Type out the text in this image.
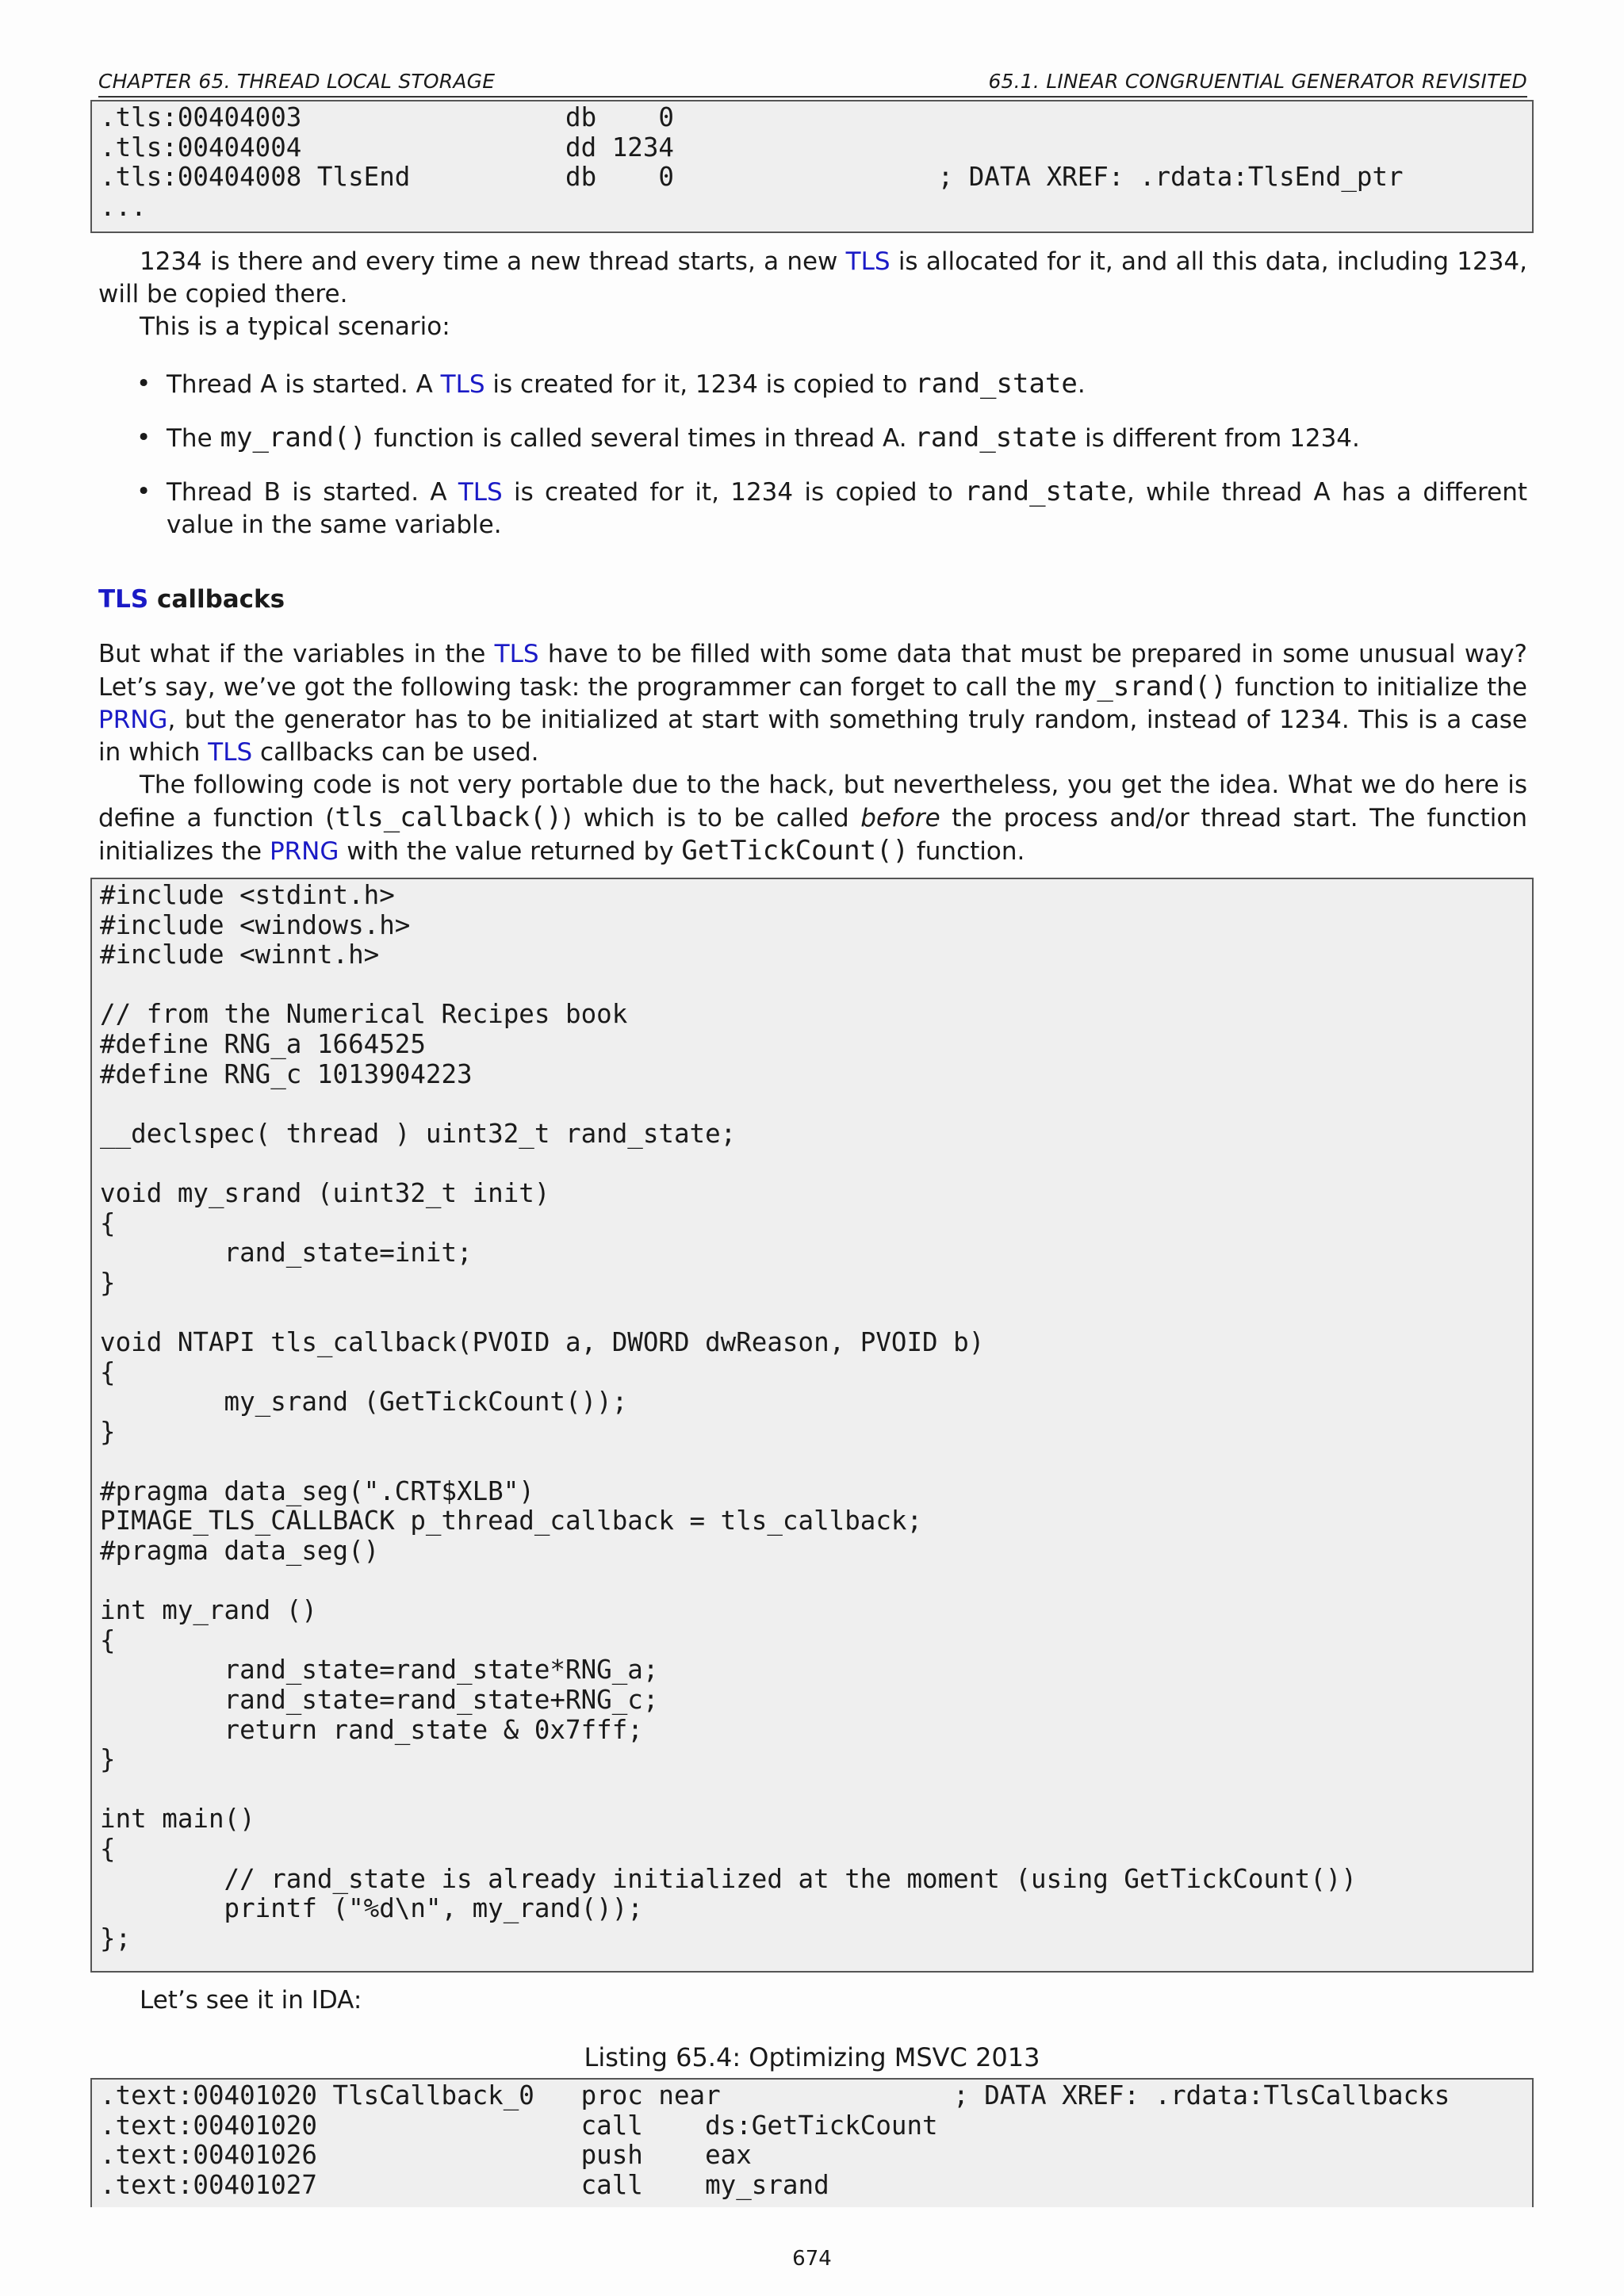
CHAPTER 65. THREAD LOCAL STORAGE	65.1. LINEAR CONGRUENTIAL GENERATOR REVISITED
.tls:00404003                 db    0
.tls:00404004                 dd 1234
.tls:00404008 TlsEnd          db    0                 ; DATA XREF: .rdata:TlsEnd_ptr
...

1234 is there and every time a new thread starts, a new TLS is allocated for it, and all this data, including 1234, will be copied there.

This is a typical scenario:

• Thread A is started. A TLS is created for it, 1234 is copied to rand_state.
• The my_rand() function is called several times in thread A. rand_state is different from 1234.
• Thread B is started. A TLS is created for it, 1234 is copied to rand_state, while thread A has a different value in the same variable.
TLS callbacks

But what if the variables in the TLS have to be filled with some data that must be prepared in some unusual way? Let’s say, we’ve got the following task: the programmer can forget to call the my_srand() function to initialize the PRNG, but the generator has to be initialized at start with something truly random, instead of 1234. This is a case in which TLS callbacks can be used.

The following code is not very portable due to the hack, but nevertheless, you get the idea. What we do here is define a function (tls_callback()) which is to be called before the process and/or thread start. The function initializes the PRNG with the value returned by GetTickCount() function.

#include <stdint.h>
#include <windows.h>
#include <winnt.h>

// from the Numerical Recipes book
#define RNG_a 1664525
#define RNG_c 1013904223

__declspec( thread ) uint32_t rand_state;

void my_srand (uint32_t init)
{
rand_state=init;
}

void NTAPI tls_callback(PVOID a, DWORD dwReason, PVOID b)
{
my_srand (GetTickCount());
}

#pragma data_seg(".CRT$XLB")
PIMAGE_TLS_CALLBACK p_thread_callback = tls_callback;
#pragma data_seg()

int my_rand ()
{
rand_state=rand_state*RNG_a;
rand_state=rand_state+RNG_c;
return rand_state & 0x7fff;
}

int main()
{
// rand_state is already initialized at the moment (using GetTickCount())
printf ("%d\n", my_rand());
};

Let’s see it in IDA:

Listing 65.4: Optimizing MSVC 2013
.text:00401020 TlsCallback_0   proc near               ; DATA XREF: .rdata:TlsCallbacks
.text:00401020                 call    ds:GetTickCount
.text:00401026                 push    eax
.text:00401027                 call    my_srand
674
